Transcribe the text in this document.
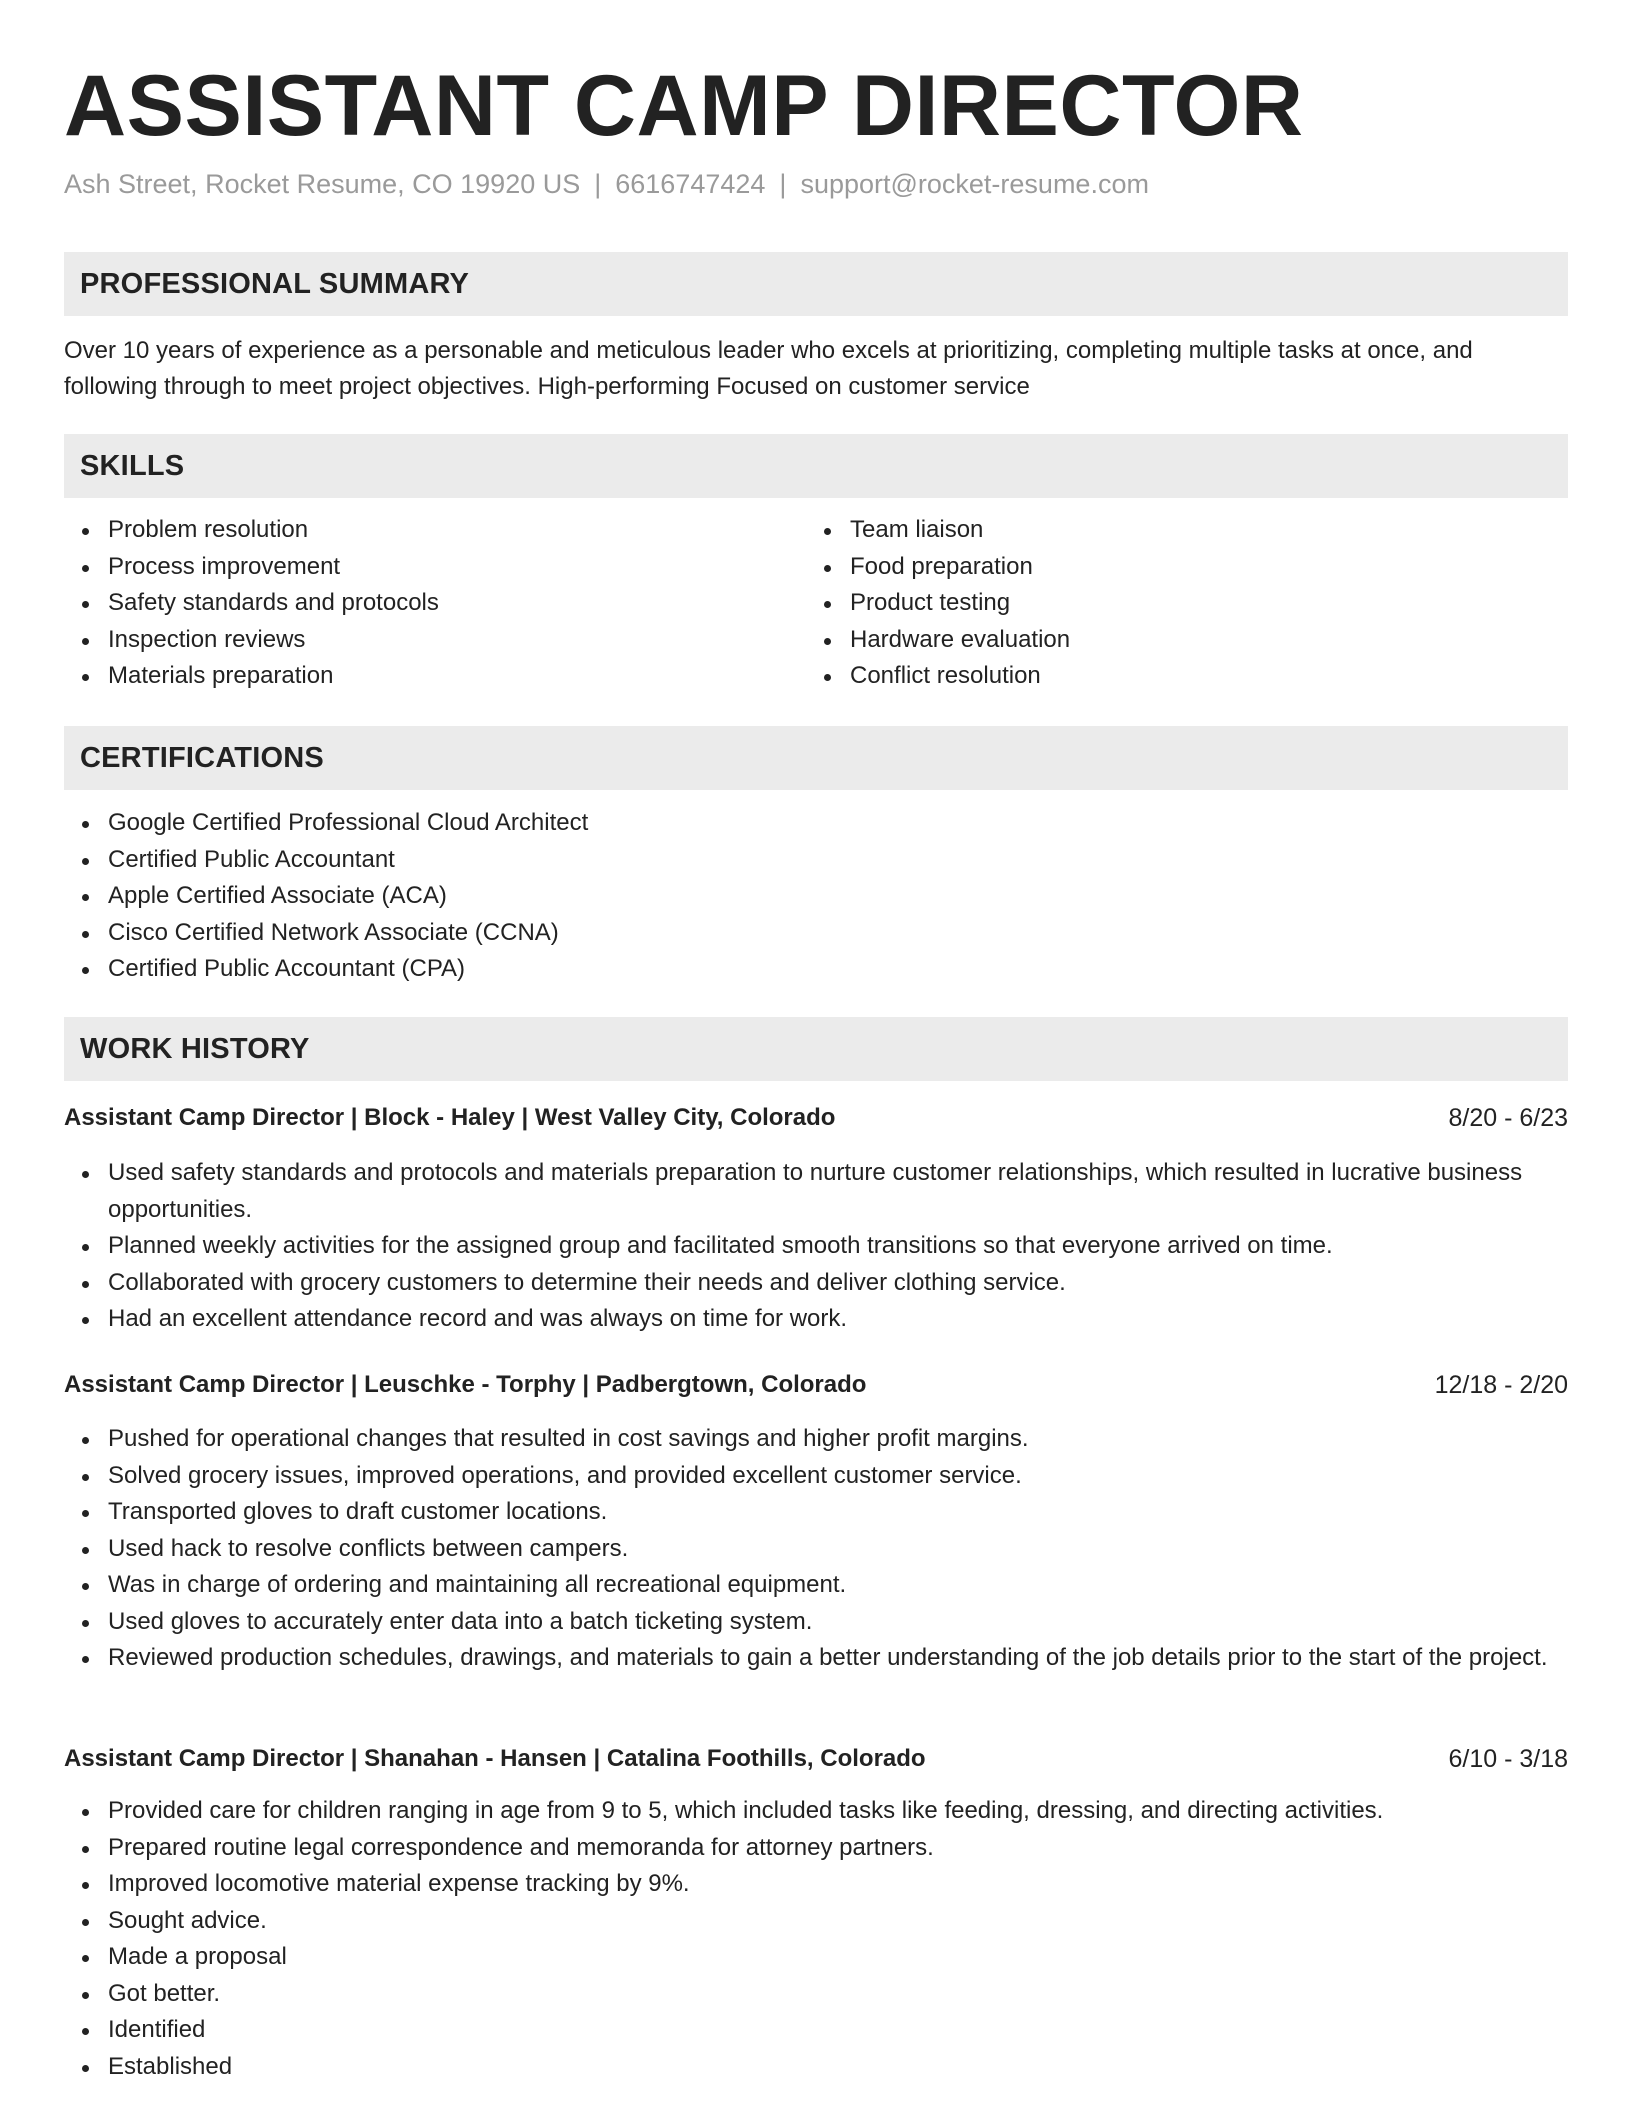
ASSISTANT CAMP DIRECTOR
Ash Street, Rocket Resume, CO 19920 US | 6616747424 | support@rocket-resume.com
PROFESSIONAL SUMMARY

Over 10 years of experience as a personable and meticulous leader who excels at prioritizing, completing multiple tasks at once, and following through to meet project objectives. High-performing Focused on customer service

SKILLS
Problem resolution
Process improvement
Safety standards and protocols
Inspection reviews
Materials preparation
Team liaison
Food preparation
Product testing
Hardware evaluation
Conflict resolution
CERTIFICATIONS
Google Certified Professional Cloud Architect
Certified Public Accountant
Apple Certified Associate (ACA)
Cisco Certified Network Associate (CCNA)
Certified Public Accountant (CPA)
WORK HISTORY
Assistant Camp Director | Block - Haley | West Valley City, Colorado	8/20 - 6/23
Used safety standards and protocols and materials preparation to nurture customer relationships, which resulted in lucrative business opportunities.
Planned weekly activities for the assigned group and facilitated smooth transitions so that everyone arrived on time.
Collaborated with grocery customers to determine their needs and deliver clothing service.
Had an excellent attendance record and was always on time for work.
Assistant Camp Director | Leuschke - Torphy | Padbergtown, Colorado	12/18 - 2/20
Pushed for operational changes that resulted in cost savings and higher profit margins.
Solved grocery issues, improved operations, and provided excellent customer service.
Transported gloves to draft customer locations.
Used hack to resolve conflicts between campers.
Was in charge of ordering and maintaining all recreational equipment.
Used gloves to accurately enter data into a batch ticketing system.
Reviewed production schedules, drawings, and materials to gain a better understanding of the job details prior to the start of the project.
Assistant Camp Director | Shanahan - Hansen | Catalina Foothills, Colorado	6/10 - 3/18
Provided care for children ranging in age from 9 to 5, which included tasks like feeding, dressing, and directing activities.
Prepared routine legal correspondence and memoranda for attorney partners.
Improved locomotive material expense tracking by 9%.
Sought advice.
Made a proposal
Got better.
Identified
Established
